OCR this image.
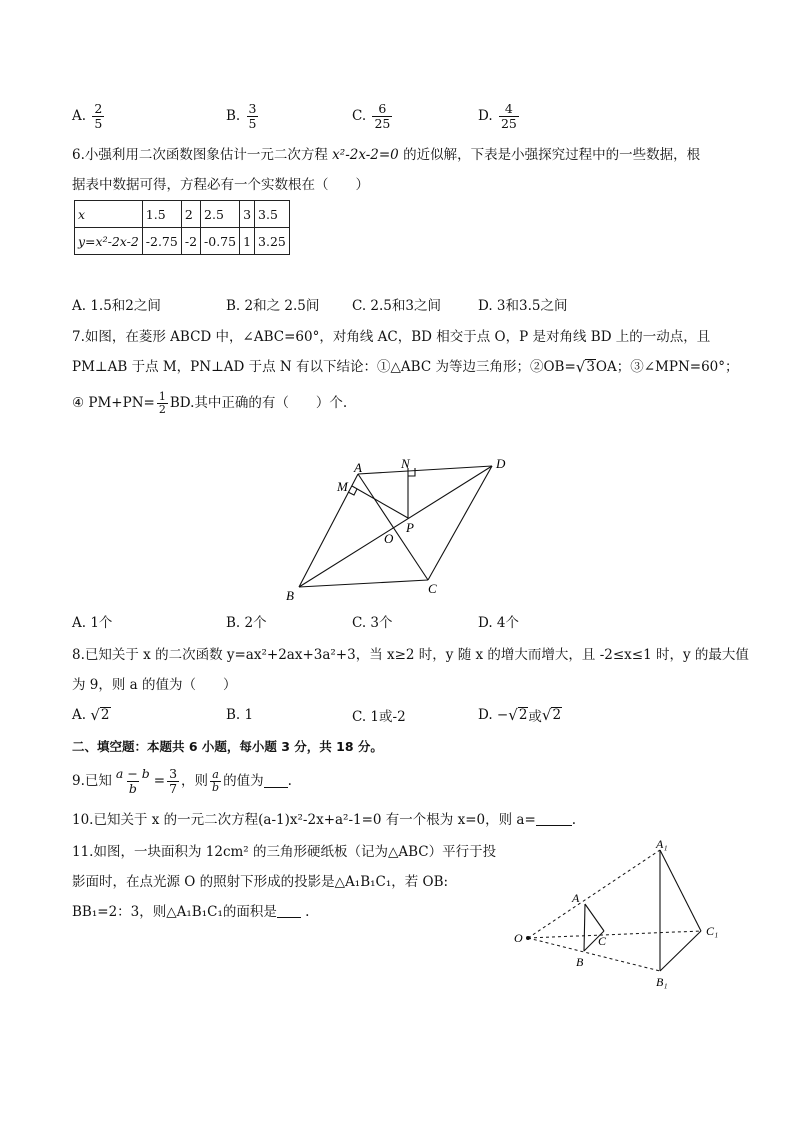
A.
$\frac{2}{5}$	B.
$\frac{3}{5}$	C.
$\frac{6}{25}$	D.
$\frac{4}{25}$
6.小强利用二次函数图象估计一元二次方程 x²-2x-2=0 的近似解，下表是小强探究过程中的一些数据，根
据表中数据可得，方程必有一个实数根在（　　）
x	1.5	2	2.5	3	3.5
y=x²-2x-2	-2.75	-2	-0.75	1	3.25
A. 1.5和2之间	B. 2和之 2.5间 C. 2.5和3之间	D. 3和3.5之间
7.如图，在菱形 ABCD 中，∠ABC=60°，对角线 AC，BD 相交于点 O，P 是对角线 BD 上的一动点，且
PM⊥AB 于点 M，PN⊥AD 于点 N 有以下结论：①△ABC 为等边三角形；②OB= √ 3 OA；③∠MPN=60°；
④ $PM+PN= \frac{1}{2}$ BD.其中正确的有（　　）个.
A	D
C
B
M
N
O
P
A. 1个	B. 2个	C. 3个	D. 4个
8.已知关于 x 的二次函数 y=ax²+2ax+3a²+3，当 x≥2 时，y 随 x 的增大而增大，且 -2≤x≤1 时，y 的最大值
为 9，则 a 的值为（　　）
A.
√ 2	B. 1	C. 1或-2	D. − √ 2 或 √ 2
二、填空题：本题共 6 小题，每小题 3 分，共 18 分。
9.已知 $\frac{a - b}{b} = \frac{3}{7}$ ，则 $\frac{a}{b}$ 的值为 .
10.已知关于 x 的一元二次方程(a-1)x²-2x+a²-1=0 有一个根为 x=0，则 a=	.
11.如图，一块面积为 12cm² 的三角形硬纸板（记为△ABC）平行于投
影面时，在点光源 O 的照射下形成的投影是△A₁B₁C₁，若 OB:
BB₁=2：3，则△A₁B₁C₁的面积是 .
O
A
B
C
A₁
B₁
C₁
